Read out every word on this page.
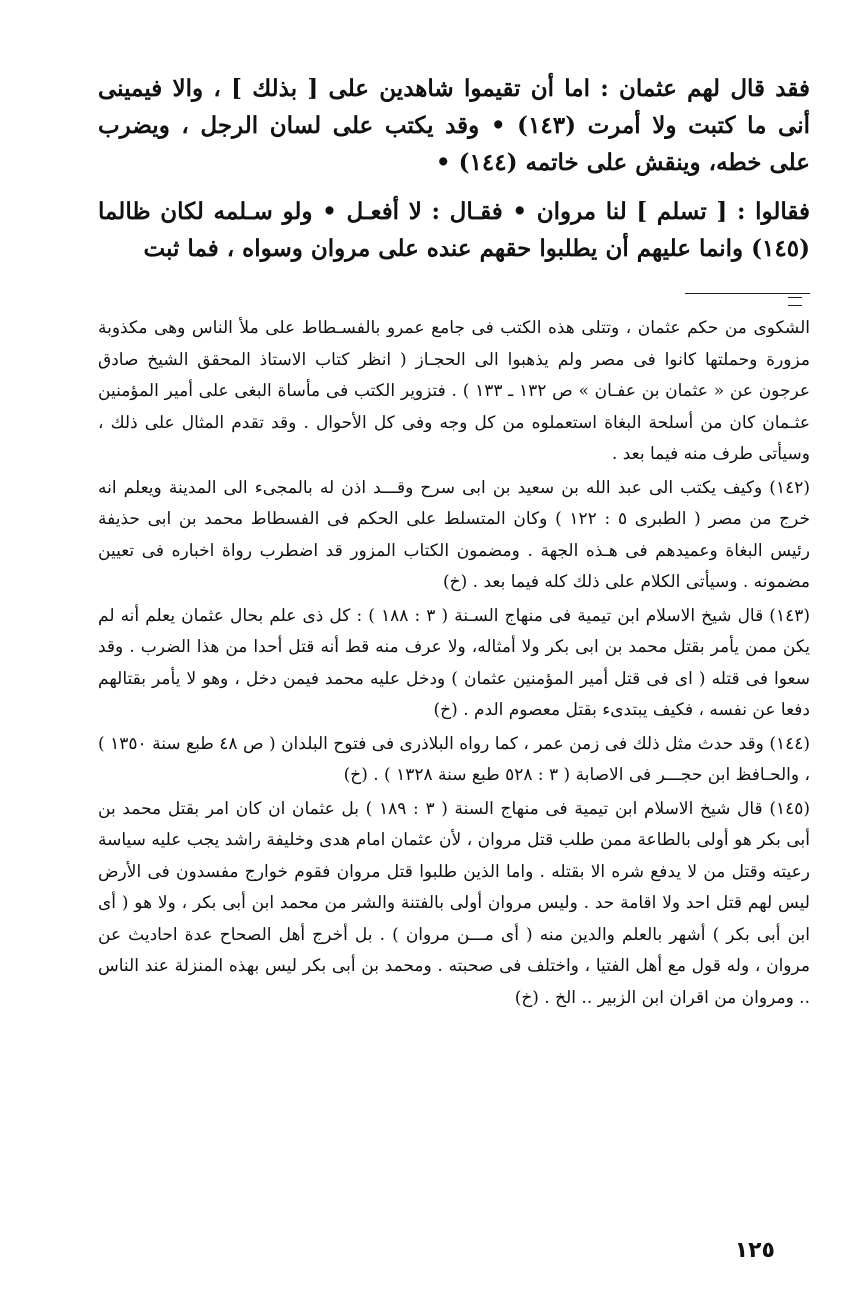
فقد قال لهم عثمان : اما أن تقيموا شاهدين على [ بذلك ] ، والا فيمينى أنى ما كتبت ولا أمرت (١٤٣) • وقد يكتب على لسان الرجل ، ويضرب على خطه، وينقش على خاتمه (١٤٤) •

فقالوا : [ تسلم ] لنا مروان • فقـال : لا أفعـل • ولو سـلمه لكان ظالما (١٤٥) وانما عليهم أن يطلبوا حقهم عنده على مروان وسواه ، فما ثبت

الشكوى من حكم عثمان ، وتتلى هذه الكتب فى جامع عمرو بالفسـطاط على ملأ الناس وهى مكذوبة مزورة وحملتها كانوا فى مصر ولم يذهبوا الى الحجـاز ( انظر كتاب الاستاذ المحقق الشيخ صادق عرجون عن « عثمان بن عفـان » ص ١٣٢ ـ ١٣٣ ) . فتزوير الكتب فى مأساة البغى على أمير المؤمنين عثـمان كان من أسلحة البغاة استعملوه من كل وجه وفى كل الأحوال . وقد تقدم المثال على ذلك ، وسيأتى طرف منه فيما بعد .

(١٤٢) وكيف يكتب الى عبد الله بن سعيد بن ابى سرح وقـــد اذن له بالمجىء الى المدينة ويعلم انه خرج من مصر ( الطبرى ٥ : ١٢٢ ) وكان المتسلط على الحكم فى الفسطاط محمد بن ابى حذيفة رئيس البغاة وعميدهم فى هـذه الجهة . ومضمون الكتاب المزور قد اضطرب رواة اخباره فى تعيين مضمونه . وسيأتى الكلام على ذلك كله فيما بعد . (خ)

(١٤٣) قال شيخ الاسلام ابن تيمية فى منهاج السـنة ( ٣ : ١٨٨ ) : كل ذى علم بحال عثمان يعلم أنه لم يكن ممن يأمر بقتل محمد بن ابى بكر ولا أمثاله، ولا عرف منه قط أنه قتل أحدا من هذا الضرب . وقد سعوا فى قتله ( اى فى قتل أمير المؤمنين عثمان ) ودخل عليه محمد فيمن دخل ، وهو لا يأمر بقتالهم دفعا عن نفسه ، فكيف يبتدىء بقتل معصوم الدم . (خ)

(١٤٤) وقد حدث مثل ذلك فى زمن عمر ، كما رواه البلاذرى فى فتوح البلدان ( ص ٤٨ طبع سنة ١٣٥٠ ) ، والحـافظ ابن حجـــر فى الاصابة ( ٣ : ٥٢٨ طبع سنة ١٣٢٨ ) . (خ)

(١٤٥) قال شيخ الاسلام ابن تيمية فى منهاج السنة ( ٣ : ١٨٩ ) بل عثمان ان كان امر بقتل محمد بن أبى بكر هو أولى بالطاعة ممن طلب قتل مروان ، لأن عثمان امام هدى وخليفة راشد يجب عليه سياسة رعيته وقتل من لا يدفع شره الا بقتله . واما الذين طلبوا قتل مروان فقوم خوارج مفسدون فى الأرض ليس لهم قتل احد ولا اقامة حد . وليس مروان أولى بالفتنة والشر من محمد ابن أبى بكر ، ولا هو ( أى ابن أبى بكر ) أشهر بالعلم والدين منه ( أى مـــن مروان ) . بل أخرج أهل الصحاح عدة احاديث عن مروان ، وله قول مع أهل الفتيا ، واختلف فى صحبته . ومحمد بن أبى بكر ليس بهذه المنزلة عند الناس .. ومروان من اقران ابن الزبير .. الخ . (خ)

١٢٥
